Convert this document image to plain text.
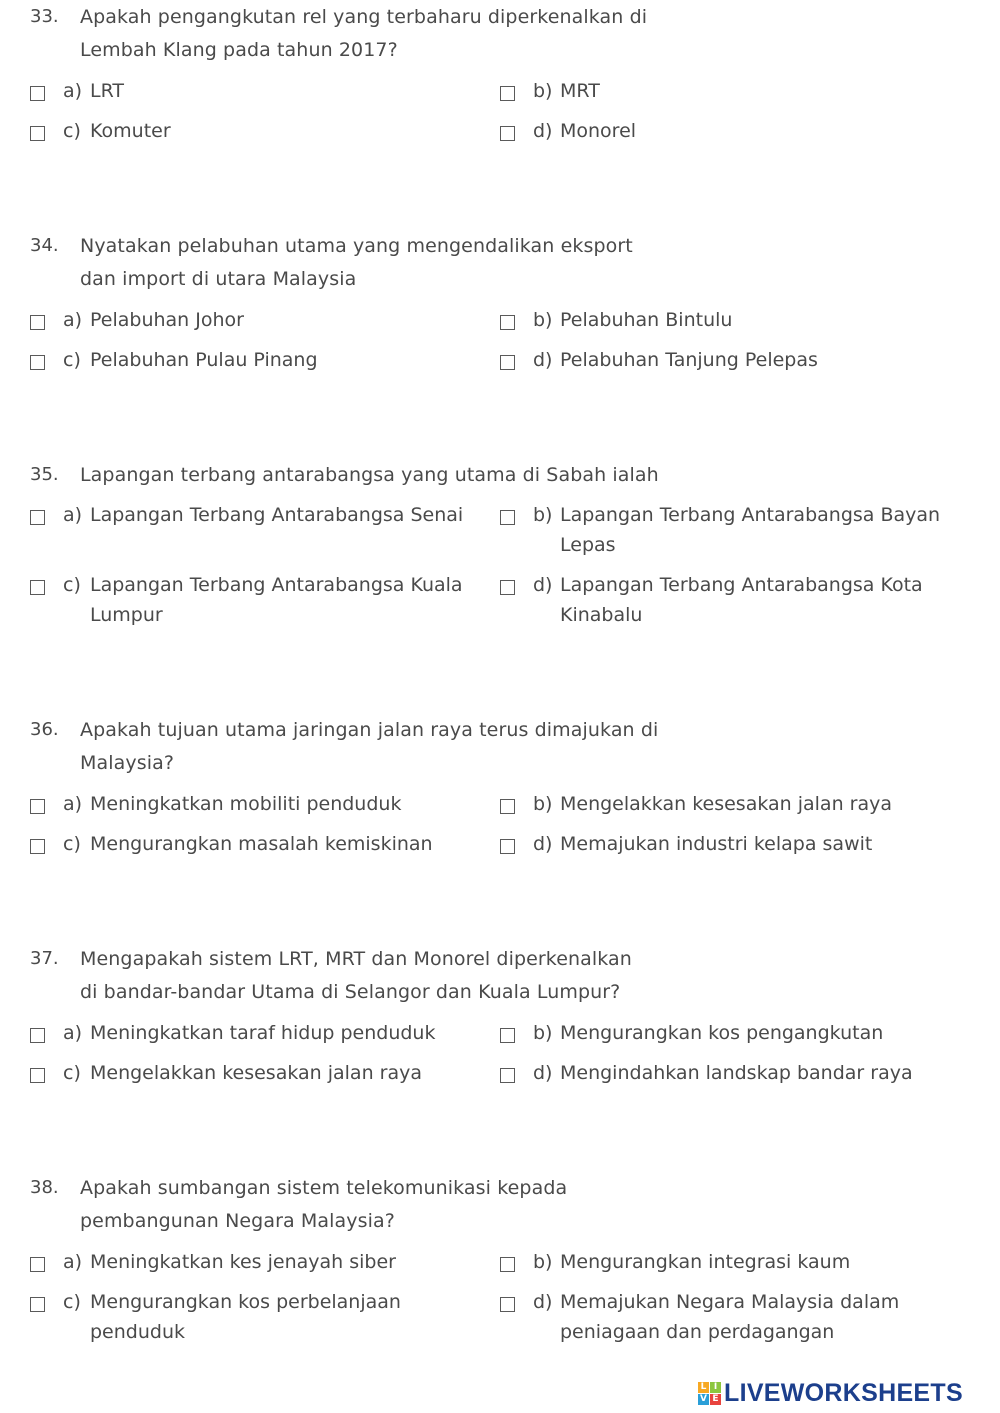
33. Apakah pengangkutan rel yang terbaharu diperkenalkan di
Lembah Klang pada tahun 2017?
a) LRT	b) MRT
c) Komuter	d) Monorel
34. Nyatakan pelabuhan utama yang mengendalikan eksport
dan import di utara Malaysia
a) Pelabuhan Johor	b) Pelabuhan Bintulu
c) Pelabuhan Pulau Pinang	d) Pelabuhan Tanjung Pelepas
35. Lapangan terbang antarabangsa yang utama di Sabah ialah
a) Lapangan Terbang Antarabangsa Senai	b) Lapangan Terbang Antarabangsa Bayan
Lepas
c) Lapangan Terbang Antarabangsa Kuala
Lumpur
d) Lapangan Terbang Antarabangsa Kota
Kinabalu
36. Apakah tujuan utama jaringan jalan raya terus dimajukan di
Malaysia?
a) Meningkatkan mobiliti penduduk	b) Mengelakkan kesesakan jalan raya
c) Mengurangkan masalah kemiskinan	d) Memajukan industri kelapa sawit
37. Mengapakah sistem LRT, MRT dan Monorel diperkenalkan
di bandar-bandar Utama di Selangor dan Kuala Lumpur?
a) Meningkatkan taraf hidup penduduk	b) Mengurangkan kos pengangkutan
c) Mengelakkan kesesakan jalan raya	d) Mengindahkan landskap bandar raya
38. Apakah sumbangan sistem telekomunikasi kepada
pembangunan Negara Malaysia?
a) Meningkatkan kes jenayah siber	b) Mengurangkan integrasi kaum
c) Mengurangkan kos perbelanjaan
penduduk
d) Memajukan Negara Malaysia dalam
peniagaan dan perdagangan
L I
V E LIVEWORKSHEETS
